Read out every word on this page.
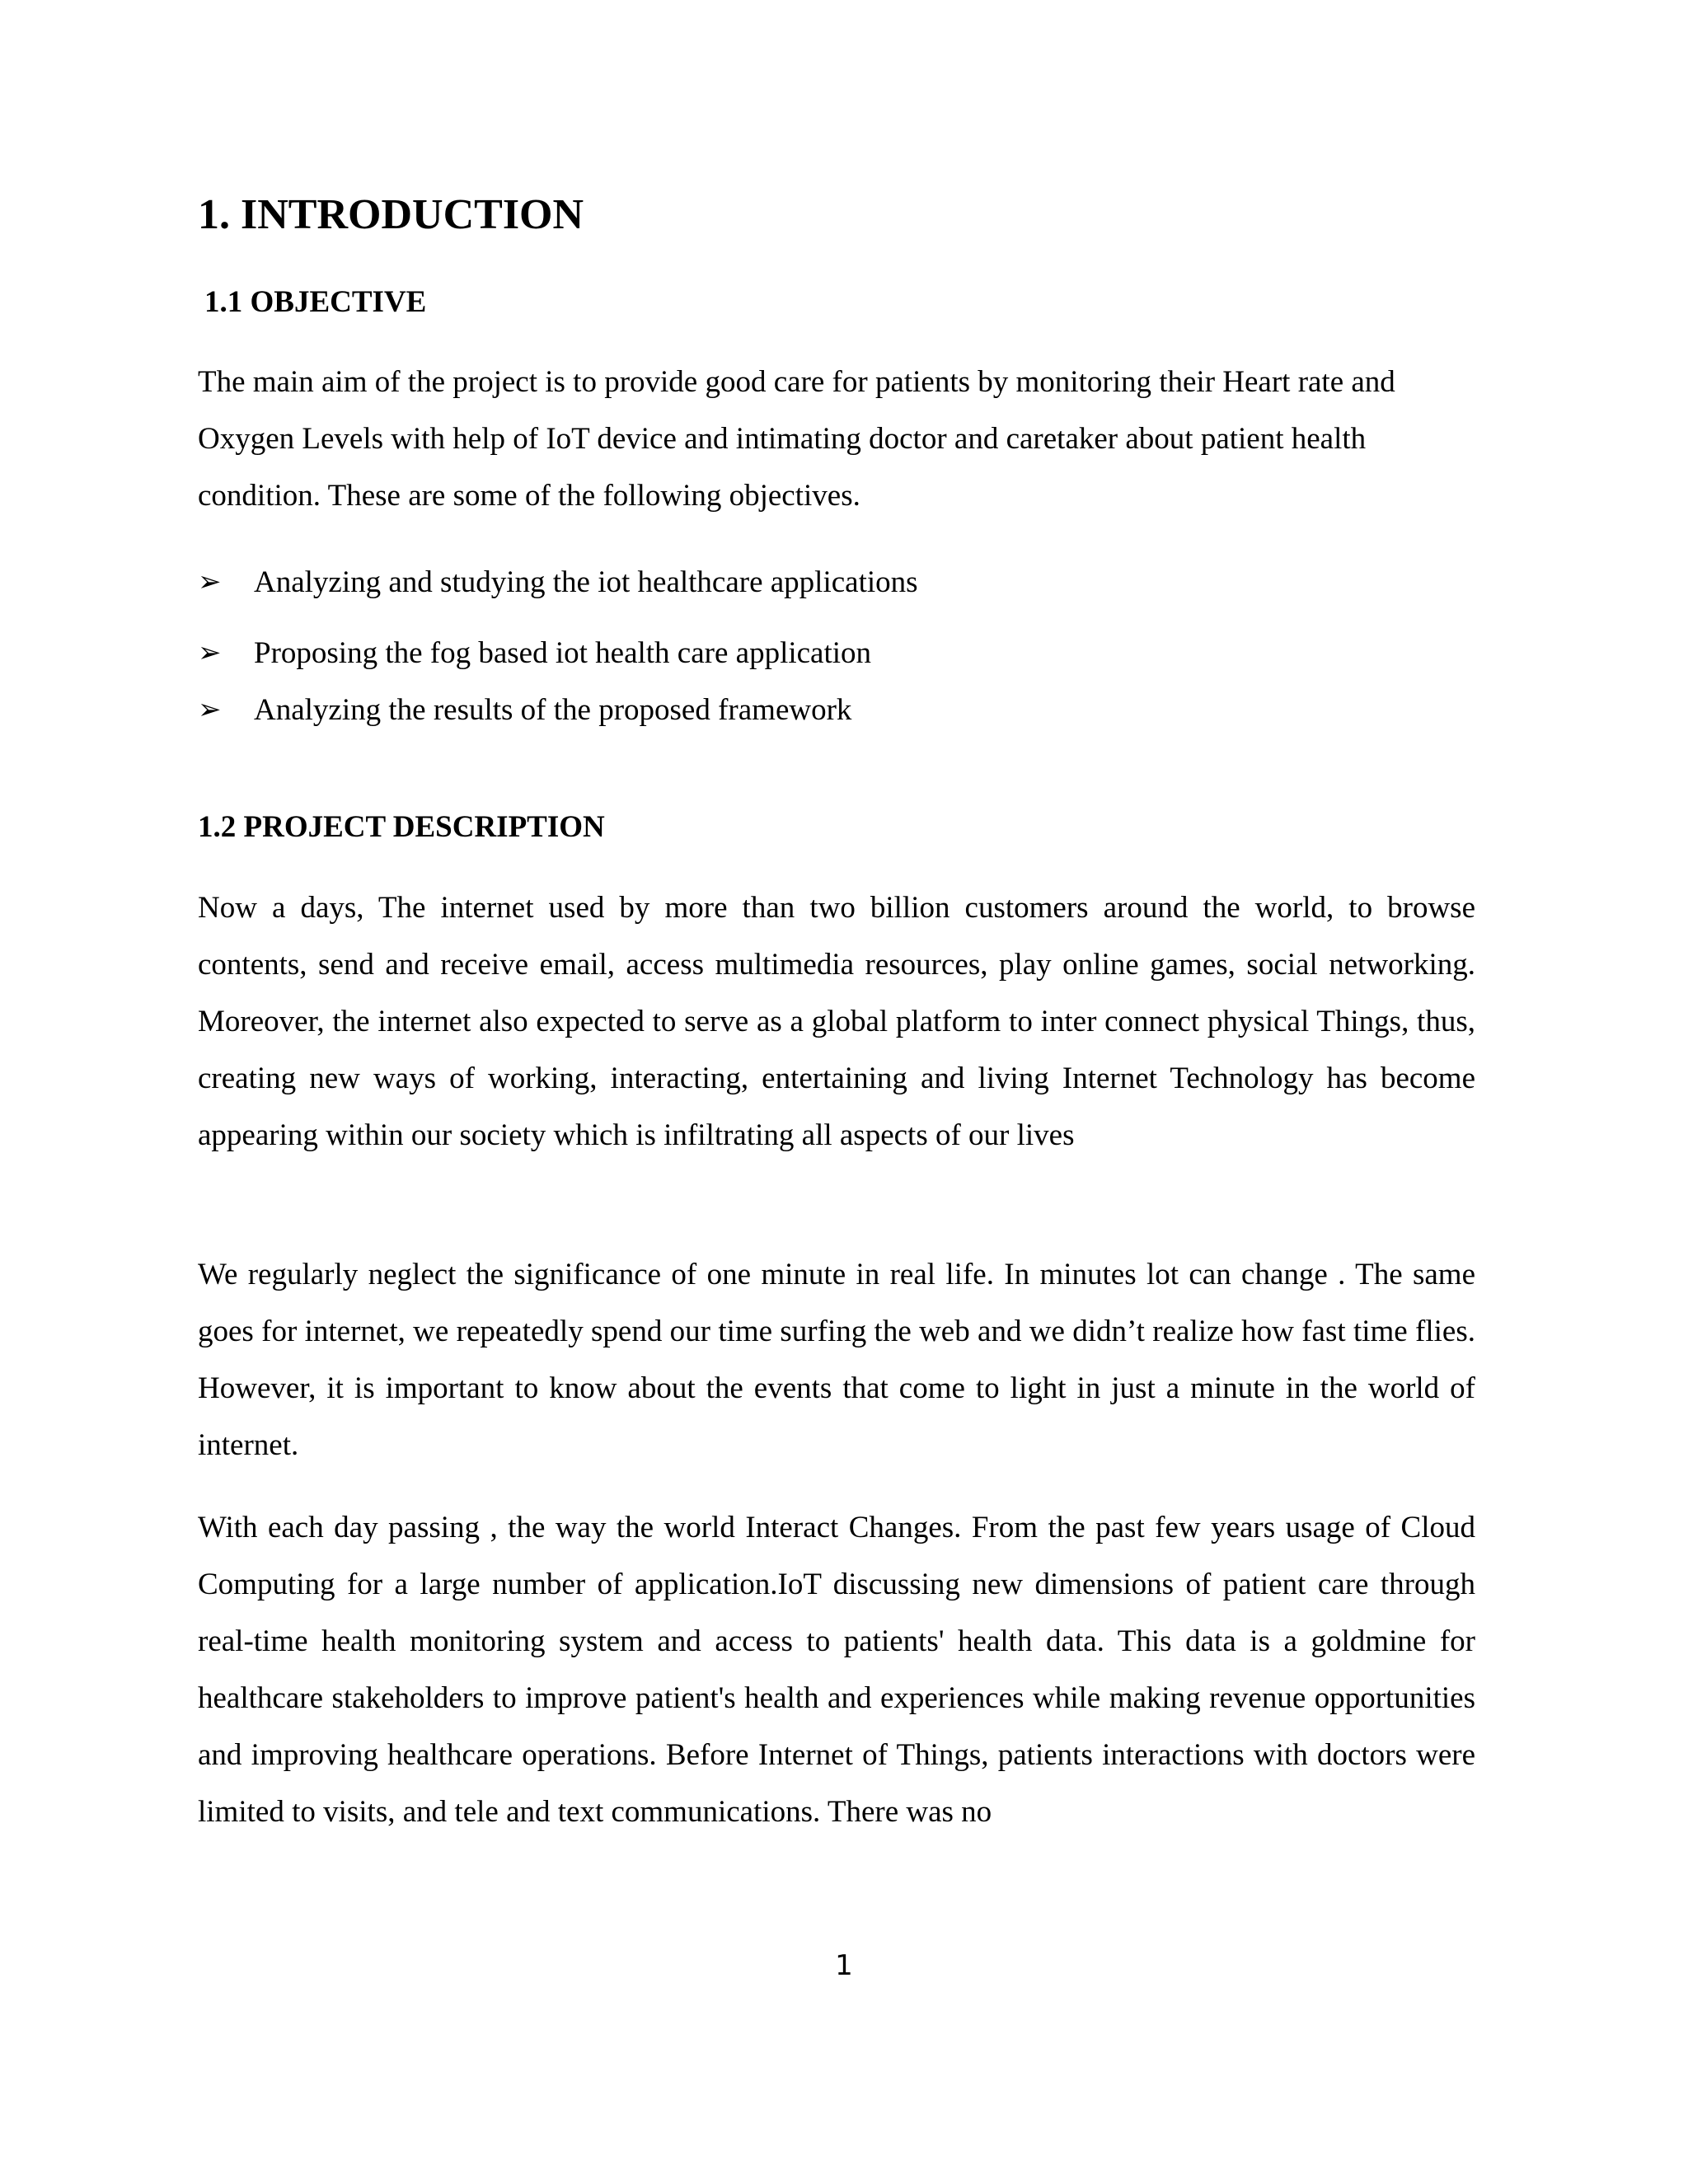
1. INTRODUCTION
1.1 OBJECTIVE
The main aim of the project is to provide good care for patients by monitoring their Heart rate and Oxygen Levels with help of IoT device and intimating doctor and caretaker about patient health condition. These are some of the following objectives.
➢ Analyzing and studying the iot healthcare applications
➢ Proposing the fog based iot health care application
➢ Analyzing the results of the proposed framework
1.2 PROJECT DESCRIPTION
Now a days, The internet used by more than two billion customers around the world, to browse contents, send and receive email, access multimedia resources, play online games, social networking. Moreover, the internet also expected to serve as a global platform to inter connect physical Things, thus, creating new ways of working, interacting, entertaining and living Internet Technology has become appearing within our society which is infiltrating all aspects of our lives
We regularly neglect the significance of one minute in real life. In minutes lot can change . The same goes for internet, we repeatedly spend our time surfing the web and we didn’t realize how fast time flies. However, it is important to know about the events that come to light in just a minute in the world of internet.
With each day passing , the way the world Interact Changes. From the past few years usage of Cloud Computing for a large number of application.IoT discussing new dimensions of patient care through real-time health monitoring system and access to patients' health data. This data is a goldmine for healthcare stakeholders to improve patient's health and experiences while making revenue opportunities and improving healthcare operations. Before Internet of Things, patients interactions with doctors were limited to visits, and tele and text communications. There was no
1
